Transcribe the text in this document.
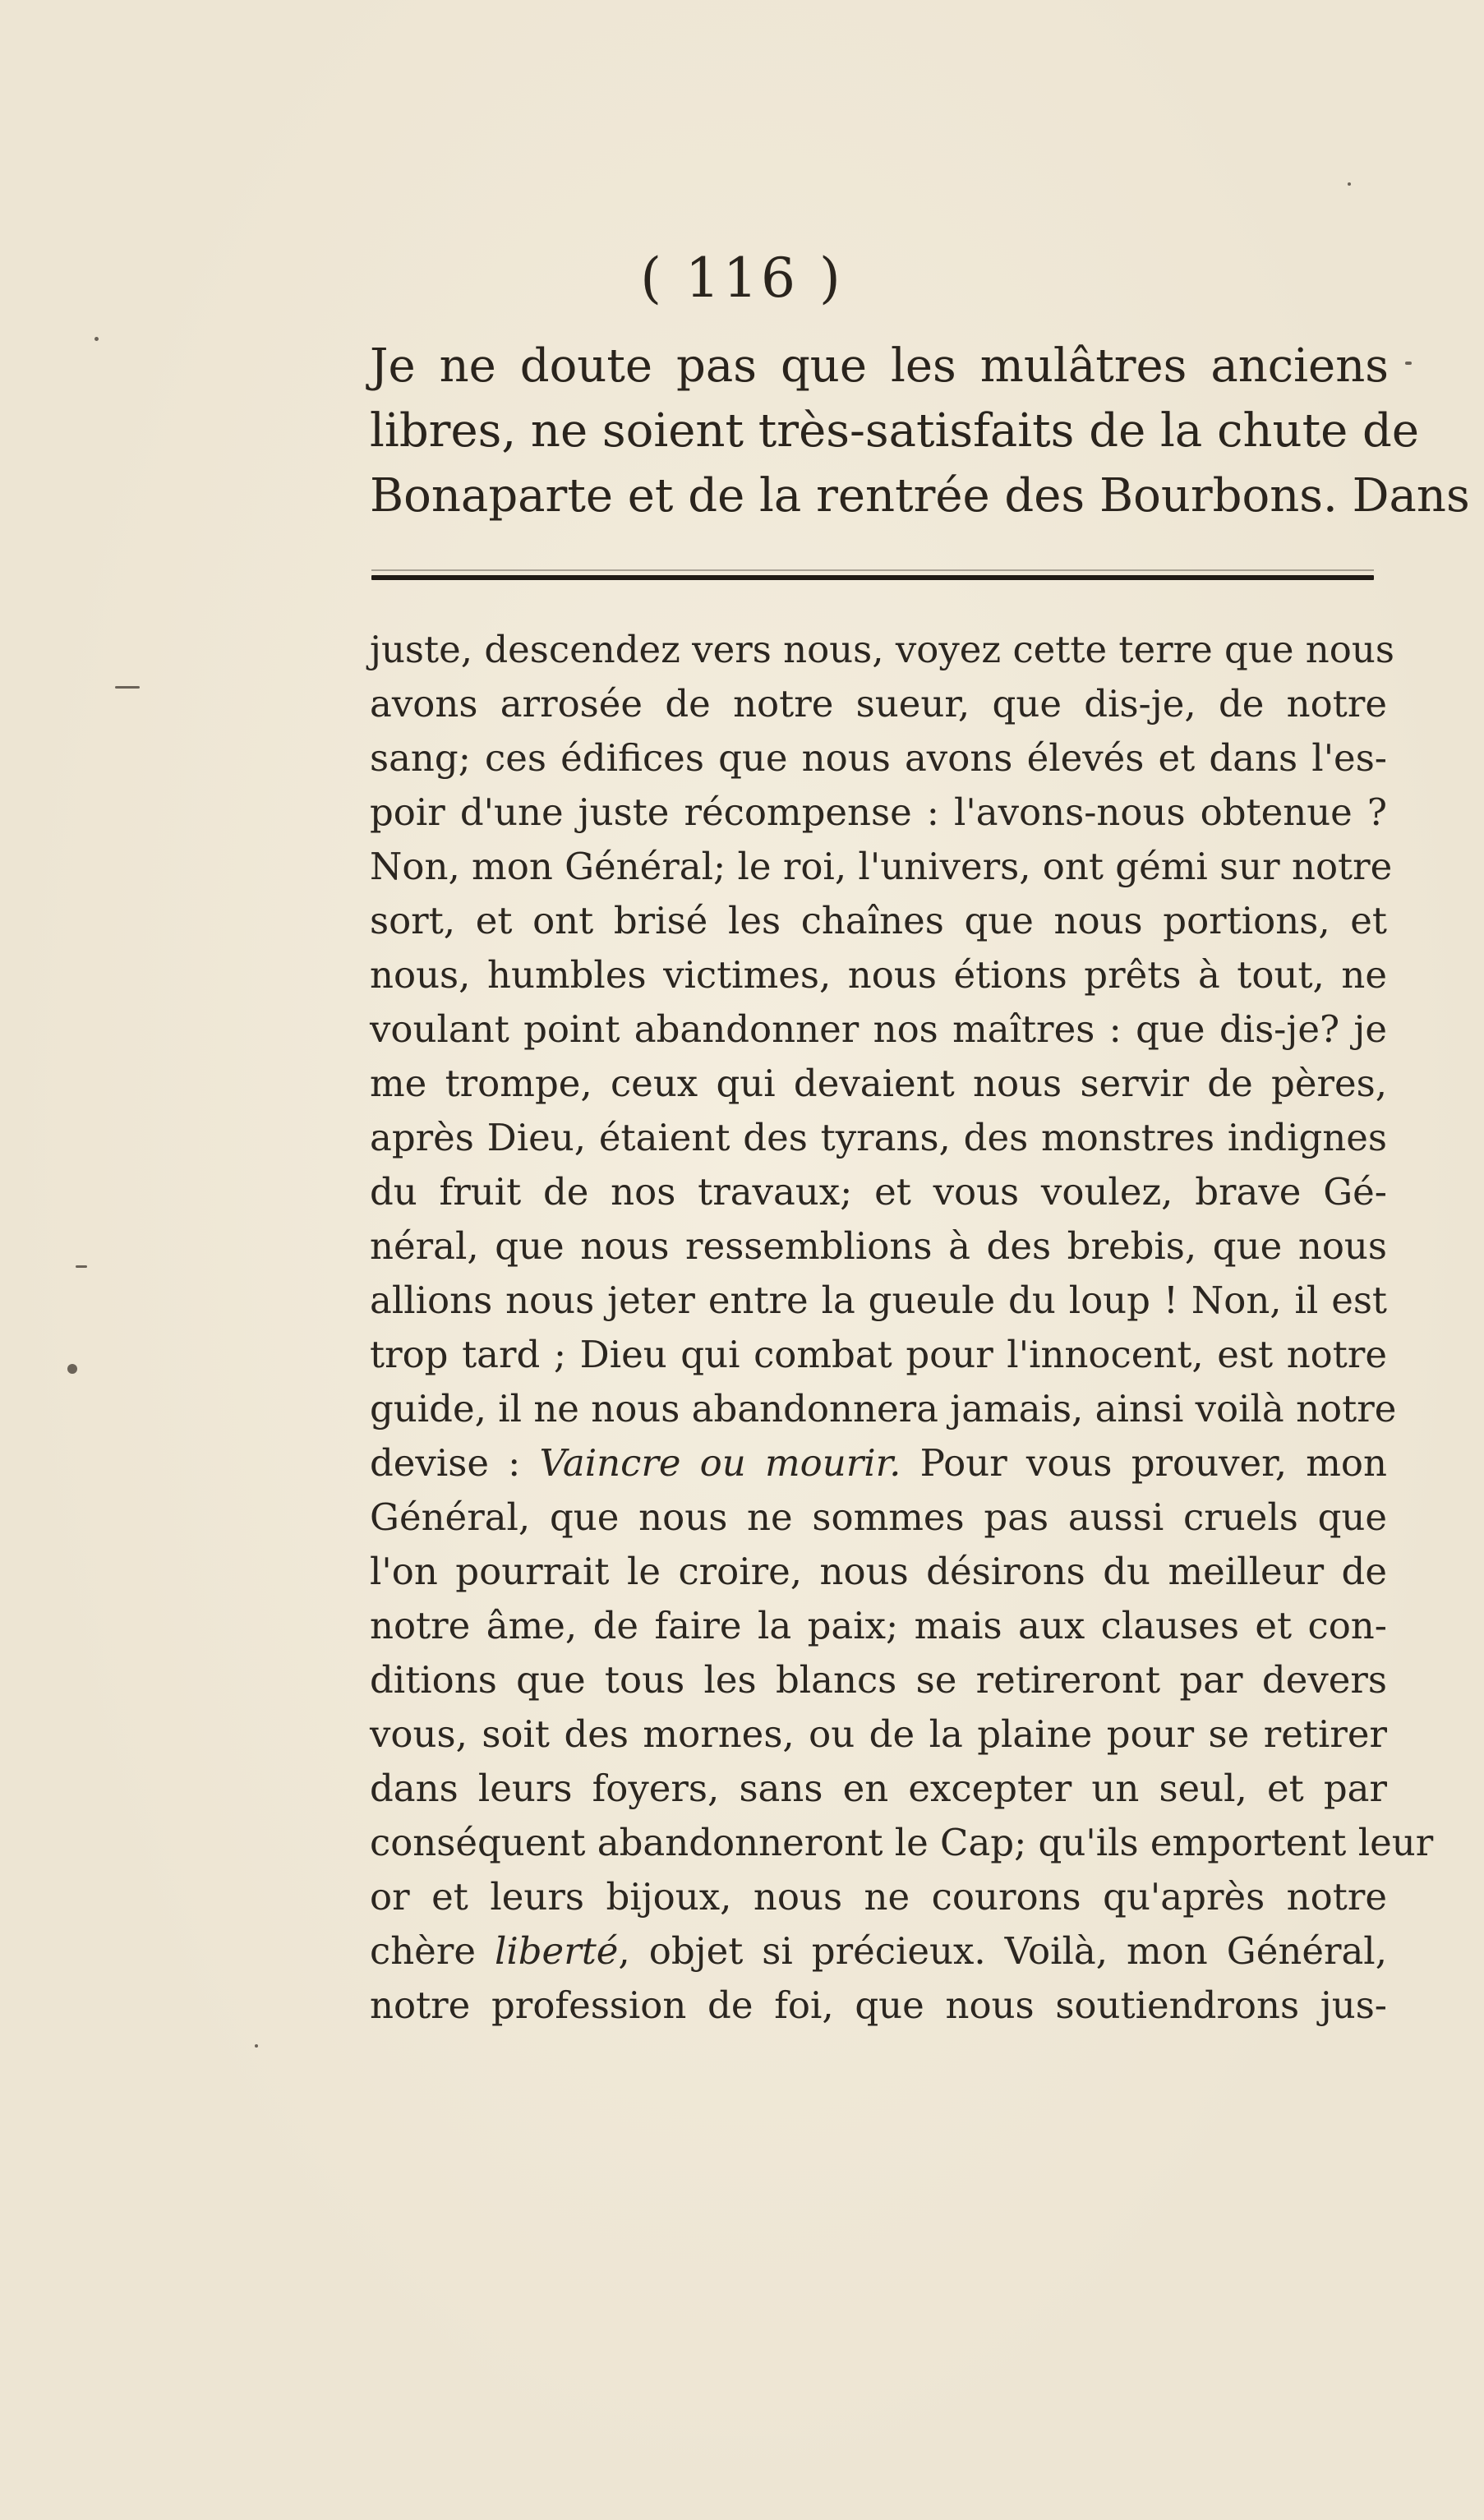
( 116 )
Je ne doute pas que les mulâtres anciens
libres, ne soient très-satisfaits de la chute de
Bonaparte et de la rentrée des Bourbons. Dans
juste, descendez vers nous, voyez cette terre que nous
avons arrosée de notre sueur, que dis-je, de notre
sang; ces édifices que nous avons élevés et dans l'es-
poir d'une juste récompense : l'avons-nous obtenue ?
Non, mon Général; le roi, l'univers, ont gémi sur notre
sort, et ont brisé les chaînes que nous portions, et
nous, humbles victimes, nous étions prêts à tout, ne
voulant point abandonner nos maîtres : que dis-je? je
me trompe, ceux qui devaient nous servir de pères,
après Dieu, étaient des tyrans, des monstres indignes
du fruit de nos travaux; et vous voulez, brave Gé-
néral, que nous ressemblions à des brebis, que nous
allions nous jeter entre la gueule du loup ! Non, il est
trop tard ; Dieu qui combat pour l'innocent, est notre
guide, il ne nous abandonnera jamais, ainsi voilà notre
devise : Vaincre ou mourir. Pour vous prouver, mon
Général, que nous ne sommes pas aussi cruels que
l'on pourrait le croire, nous désirons du meilleur de
notre âme, de faire la paix; mais aux clauses et con-
ditions que tous les blancs se retireront par devers
vous, soit des mornes, ou de la plaine pour se retirer
dans leurs foyers, sans en excepter un seul, et par
conséquent abandonneront le Cap; qu'ils emportent leur
or et leurs bijoux, nous ne courons qu'après notre
chère liberté, objet si précieux. Voilà, mon Général,
notre profession de foi, que nous soutiendrons jus-
